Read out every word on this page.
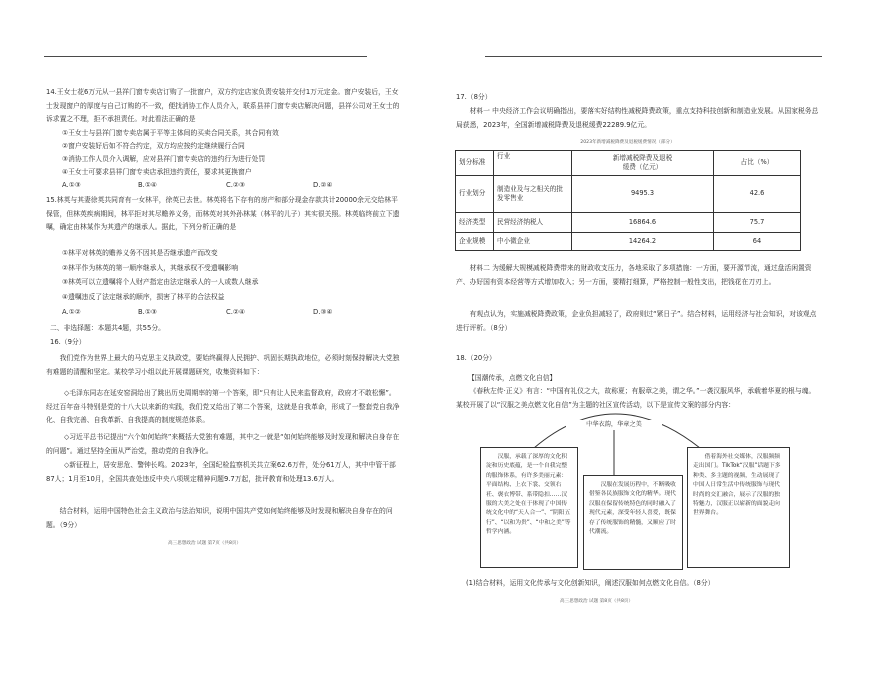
14.王女士花6万元从一县祥门窗专卖店订购了一批窗户，双方约定店家负责安装并交付1万元定金。窗户安装后，王女士发现窗户的厚度与自己订购的不一致，便找消协工作人员介入，联系县祥门窗专卖店解决问题，县祥公司对王女士的诉求置之不理，拒不承担责任。对此看法正确的是
①王女士与县祥门窗专卖店属于平等主体间的买卖合同关系，其合同有效
②窗户安装好后如不符合约定，双方均应按约定继续履行合同
③消协工作人员介入调解，应对县祥门窗专卖店的违约行为进行处罚
④王女士可要求县祥门窗专卖店承担违约责任，要求其更换窗户
A.①③	B.①④	C.②③	D.②④
15.林英与其妻徐英共同育有一女林平，徐英已去世。林英将名下存有的房产和部分现金存款共计20000余元交给林平保管，但林英疾病期间，林平拒对其尽赡养义务，而林英对其外孙林某（林平的儿子）其实很关照。林英临终前立下遗嘱，确定由林某作为其遗产的继承人。据此，下列分析正确的是
①林平对林英的赡养义务不因其是否继承遗产而改变
②林平作为林英的第一顺序继承人，其继承权不受遗嘱影响
③林英可以立遗嘱将个人财产指定由法定继承人的一人或数人继承
④遗嘱违反了法定继承的顺序，损害了林平的合法权益
A.①②	B.①③	C.②④	D.③④
二、非选择题：本题共4题，共55分。
16.（9分）
我们党作为世界上最大的马克思主义执政党，要始终赢得人民拥护、巩固长期执政地位，必须时刻保持解决大党独有难题的清醒和坚定。某校学习小组以此开展课题研究，收集资料如下：
◇毛泽东同志在延安窑洞给出了跳出历史周期率的第一个答案，即“只有让人民来监督政府，政府才不敢松懈”。经过百年奋斗特别是党的十八大以来新的实践，我们党又给出了第二个答案，这就是自我革命，形成了一整套党自我净化、自我完善、自我革新、自我提高的制度规范体系。
◇习近平总书记提出“六个如何始终”来概括大党独有难题，其中之一就是“如何始终能够及时发现和解决自身存在的问题”。通过坚持全面从严治党，推动党的自我净化。
◇新征程上，居安思危、警钟长鸣。2023年，全国纪检监察机关共立案62.6万件，处分61万人，其中中管干部87人；1月至10月，全国共查处违反中央八项规定精神问题9.7万起，批评教育和处理13.6万人。
结合材料，运用中国特色社会主义政治与法治知识，说明中国共产党如何始终能够及时发现和解决自身存在的问题。（9分）
高三思想政治 试题 第7页（共8页）
17.（8分）
材料一 中央经济工作会议明确指出，要落实好结构性减税降费政策，重点支持科技创新和制造业发展。从国家税务总局获悉，2023年，全国新增减税降费及退税缓费22289.9亿元。
2023年新增减税降费及退税缓费情况（部分）
划分标准	行业	新增减税降费及退税缓费（亿元）	占比（%）
行业划分	制造业及与之相关的批发零售业	9495.3	42.6
经济类型	民营经济纳税人	16864.6	75.7
企业规模	中小微企业	14264.2	64
材料二 为缓解大规模减税降费带来的财政收支压力，各地采取了多项措施：一方面，要开源节流，通过盘活闲置资产、办好国有资本经营等方式增加收入；另一方面，要精打细算，严格控制一般性支出，把钱花在刀刃上。
有观点认为，实施减税降费政策，企业负担减轻了，政府则过“紧日子”。结合材料，运用经济与社会知识，对该观点进行评析。（8分）
18.（20分）
【国潮传承，点燃文化自信】
《春秋左传·正义》有言：“中国有礼仪之大，故称夏；有服章之美，谓之华。”一袭汉服风华，承载着华夏的根与魂。某校开展了以“汉服之美点燃文化自信”为主题的社区宣传活动，以下是宣传文案的部分内容：
中华衣韵，华章之美
汉服，承载了深厚的文化积淀和历史底蕴，是一个自我完整的服饰体系，有许多美丽元素：平面结构、上衣下裳、交领右衽、褒衣博带、系带隐扣……汉服的大美之处在于体现了中国传统文化中的“天人合一”、“阴阳五行”、“以和为贵”、“中和之美”等哲学内涵。
汉服在发展历程中，不断吸收借鉴各民族服饰文化的精华。现代汉服在保留传统特色的同时融入了现代元素，深受年轻人喜爱，既保存了传统服饰的精髓，又顺应了时代潮流。
借着海外社交媒体，汉服频频走出国门。TikTok“汉服”话题下多种类、多主题的视频，生动展现了中国人日常生活中传统服饰与现代时尚的交汇融合，展示了汉服的独特魅力，汉服正以崭新的面貌走向世界舞台。
(1)结合材料，运用文化传承与文化创新知识，阐述汉服如何点燃文化自信。（8分）
高三思想政治 试题 第8页（共8页）
